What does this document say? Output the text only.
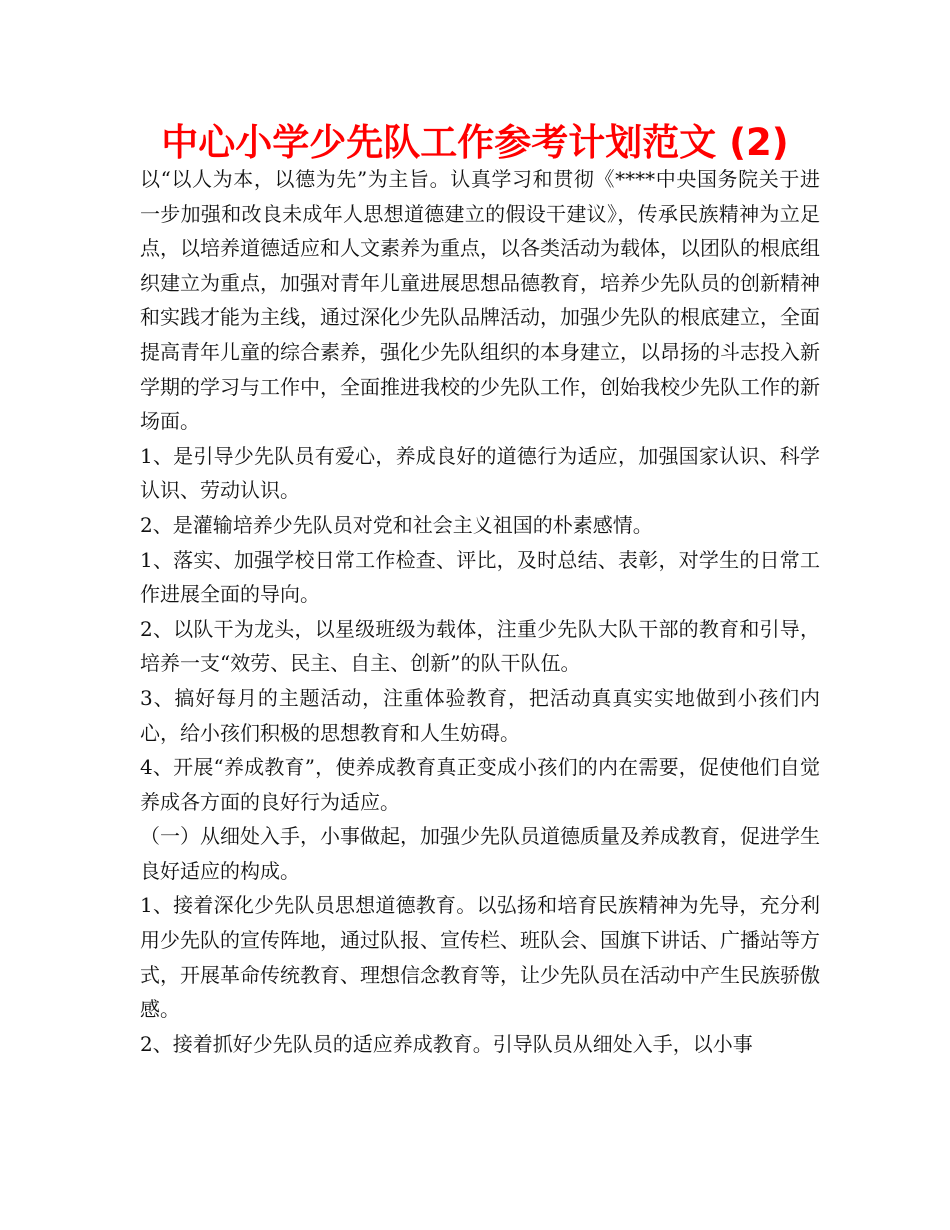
中心小学少先队工作参考计划范文 (2)

以“以人为本，以德为先”为主旨。认真学习和贯彻《****中央国务院关于进一步加强和改良未成年人思想道德建立的假设干建议》，传承民族精神为立足点，以培养道德适应和人文素养为重点，以各类活动为载体，以团队的根底组织建立为重点，加强对青年儿童进展思想品德教育，培养少先队员的创新精神和实践才能为主线，通过深化少先队品牌活动，加强少先队的根底建立，全面提高青年儿童的综合素养，强化少先队组织的本身建立，以昂扬的斗志投入新学期的学习与工作中，全面推进我校的少先队工作，创始我校少先队工作的新场面。

1、是引导少先队员有爱心，养成良好的道德行为适应，加强国家认识、科学认识、劳动认识。

2、是灌输培养少先队员对党和社会主义祖国的朴素感情。

1、落实、加强学校日常工作检查、评比，及时总结、表彰，对学生的日常工作进展全面的导向。

2、以队干为龙头，以星级班级为载体，注重少先队大队干部的教育和引导，培养一支“效劳、民主、自主、创新”的队干队伍。

3、搞好每月的主题活动，注重体验教育，把活动真真实实地做到小孩们内心，给小孩们积极的思想教育和人生妨碍。

4、开展“养成教育”，使养成教育真正变成小孩们的内在需要，促使他们自觉养成各方面的良好行为适应。

（一）从细处入手，小事做起，加强少先队员道德质量及养成教育，促进学生良好适应的构成。

1、接着深化少先队员思想道德教育。以弘扬和培育民族精神为先导，充分利用少先队的宣传阵地，通过队报、宣传栏、班队会、国旗下讲话、广播站等方式，开展革命传统教育、理想信念教育等，让少先队员在活动中产生民族骄傲感。

2、接着抓好少先队员的适应养成教育。引导队员从细处入手，以小事
